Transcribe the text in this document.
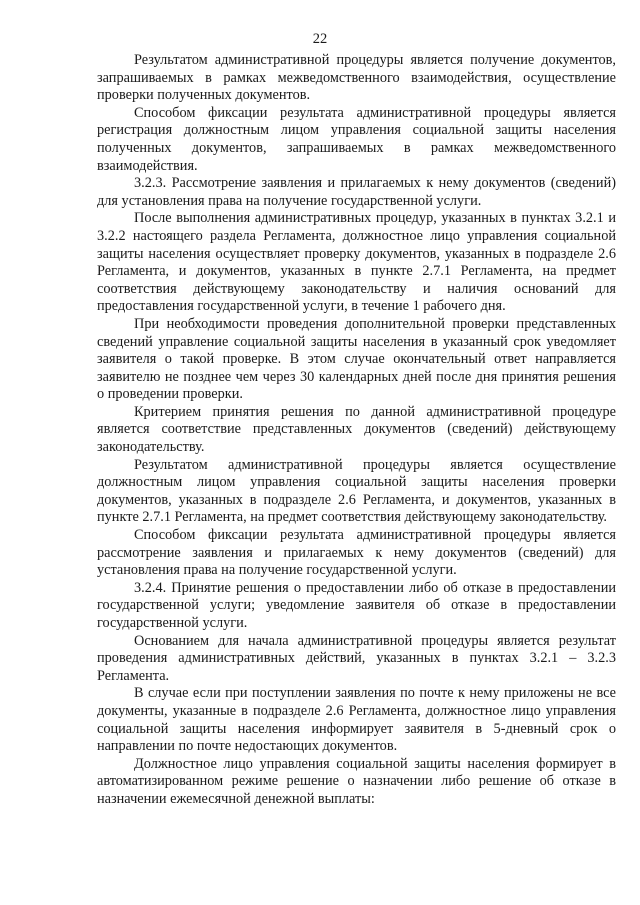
22

Результатом административной процедуры является получение документов, запрашиваемых в рамках межведомственного взаимодействия, осуществление проверки полученных документов.

Способом фиксации результата административной процедуры является регистрация должностным лицом управления социальной защиты населения полученных документов, запрашиваемых в рамках межведомственного взаимодействия.

3.2.3. Рассмотрение заявления и прилагаемых к нему документов (сведений) для установления права на получение государственной услуги.

После выполнения административных процедур, указанных в пунктах 3.2.1 и 3.2.2 настоящего раздела Регламента, должностное лицо управления социальной защиты населения осуществляет проверку документов, указанных в подразделе 2.6 Регламента, и документов, указанных в пункте 2.7.1 Регламента, на предмет соответствия действующему законодательству и наличия оснований для предоставления государственной услуги, в течение 1 рабочего дня.

При необходимости проведения дополнительной проверки представленных сведений управление социальной защиты населения в указанный срок уведомляет заявителя о такой проверке. В этом случае окончательный ответ направляется заявителю не позднее чем через 30 календарных дней после дня принятия решения о проведении проверки.

Критерием принятия решения по данной административной процедуре является соответствие представленных документов (сведений) действующему законодательству.

Результатом административной процедуры является осуществление должностным лицом управления социальной защиты населения проверки документов, указанных в подразделе 2.6 Регламента, и документов, указанных в пункте 2.7.1 Регламента, на предмет соответствия действующему законодательству.

Способом фиксации результата административной процедуры является рассмотрение заявления и прилагаемых к нему документов (сведений) для установления права на получение государственной услуги.

3.2.4. Принятие решения о предоставлении либо об отказе в предоставлении государственной услуги; уведомление заявителя об отказе в предоставлении государственной услуги.

Основанием для начала административной процедуры является результат проведения административных действий, указанных в пунктах 3.2.1 – 3.2.3 Регламента.

В случае если при поступлении заявления по почте к нему приложены не все документы, указанные в подразделе 2.6 Регламента, должностное лицо управления социальной защиты населения информирует заявителя в 5-дневный срок о направлении по почте недостающих документов.

Должностное лицо управления социальной защиты населения формирует в автоматизированном режиме решение о назначении либо решение об отказе в назначении ежемесячной денежной выплаты:
